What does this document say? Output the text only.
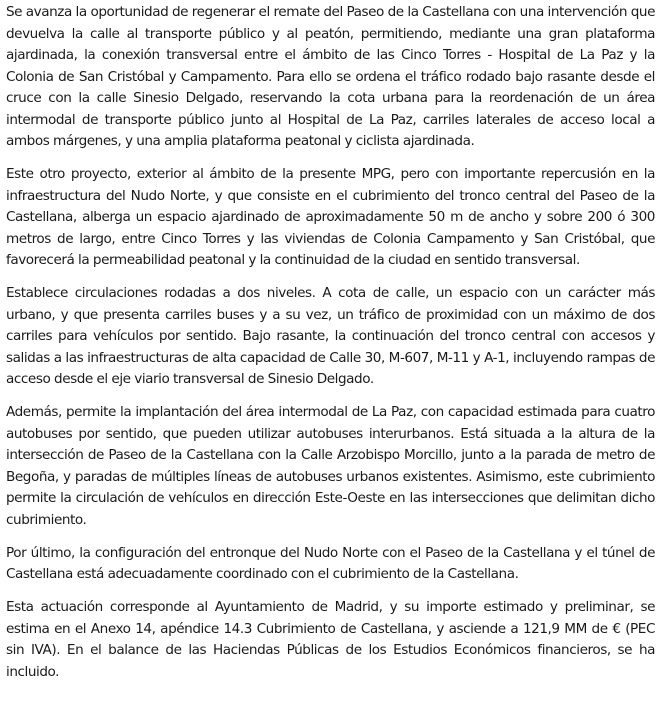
Se avanza la oportunidad de regenerar el remate del Paseo de la Castellana con una intervención que devuelva la calle al transporte público y al peatón, permitiendo, mediante una gran plataforma ajardinada, la conexión transversal entre el ámbito de las Cinco Torres - Hospital de La Paz y la Colonia de San Cristóbal y Campamento. Para ello se ordena el tráfico rodado bajo rasante desde el cruce con la calle Sinesio Delgado, reservando la cota urbana para la reordenación de un área intermodal de transporte público junto al Hospital de La Paz, carriles laterales de acceso local a ambos márgenes, y una amplia plataforma peatonal y ciclista ajardinada.

Este otro proyecto, exterior al ámbito de la presente MPG, pero con importante repercusión en la infraestructura del Nudo Norte, y que consiste en el cubrimiento del tronco central del Paseo de la Castellana, alberga un espacio ajardinado de aproximadamente 50 m de ancho y sobre 200 ó 300 metros de largo, entre Cinco Torres y las viviendas de Colonia Campamento y San Cristóbal, que favorecerá la permeabilidad peatonal y la continuidad de la ciudad en sentido transversal.

Establece circulaciones rodadas a dos niveles. A cota de calle, un espacio con un carácter más urbano, y que presenta carriles buses y a su vez, un tráfico de proximidad con un máximo de dos carriles para vehículos por sentido. Bajo rasante, la continuación del tronco central con accesos y salidas a las infraestructuras de alta capacidad de Calle 30, M-607, M-11 y A-1, incluyendo rampas de acceso desde el eje viario transversal de Sinesio Delgado.

Además, permite la implantación del área intermodal de La Paz, con capacidad estimada para cuatro autobuses por sentido, que pueden utilizar autobuses interurbanos. Está situada a la altura de la intersección de Paseo de la Castellana con la Calle Arzobispo Morcillo, junto a la parada de metro de Begoña, y paradas de múltiples líneas de autobuses urbanos existentes. Asimismo, este cubrimiento permite la circulación de vehículos en dirección Este-Oeste en las intersecciones que delimitan dicho cubrimiento.

Por último, la configuración del entronque del Nudo Norte con el Paseo de la Castellana y el túnel de Castellana está adecuadamente coordinado con el cubrimiento de la Castellana.

Esta actuación corresponde al Ayuntamiento de Madrid, y su importe estimado y preliminar, se estima en el Anexo 14, apéndice 14.3 Cubrimiento de Castellana, y asciende a 121,9 MM de € (PEC sin IVA). En el balance de las Haciendas Públicas de los Estudios Económicos financieros, se ha incluido.
